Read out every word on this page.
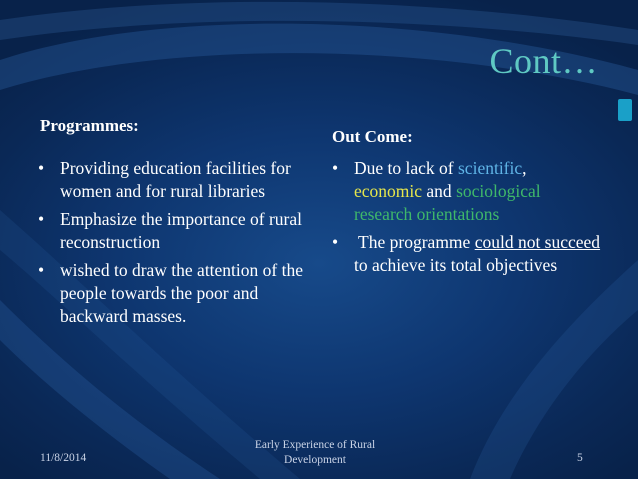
Cont…
Programmes:
• Providing education facilities for women and for rural libraries
• Emphasize the importance of rural reconstruction
• wished to draw the attention of the people towards the poor and backward masses.
Out Come:
• Due to lack of scientific,
economic and sociological research orientations
• The programme could not succeed to achieve its total objectives
11/8/2014
Early Experience of Rural Development	5
